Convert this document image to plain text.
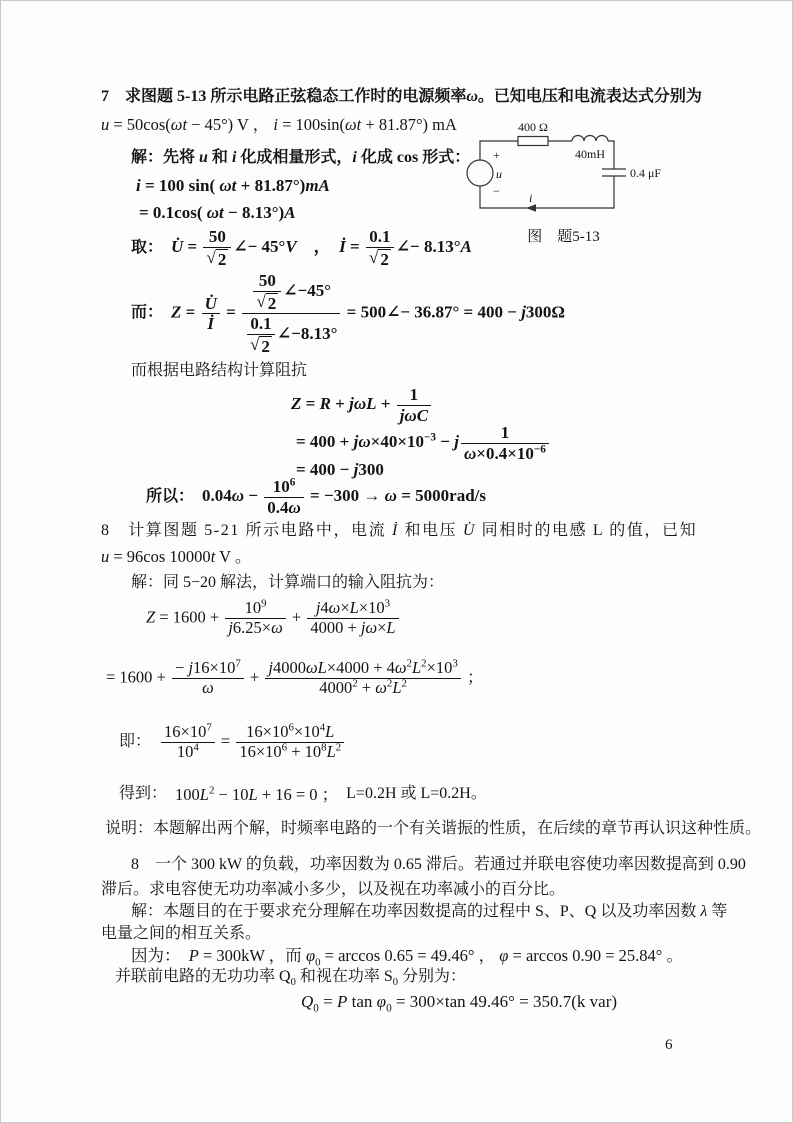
7　求图题 5-13 所示电路正弦稳态工作时的电源频率ω。已知电压和电流表达式分别为
u = 50cos(ωt − 45°) V ， i = 100sin(ωt + 81.87°) mA
解：先将 u 和 i 化成相量形式，i 化成 cos 形式：
i = 100 sin( ωt + 81.87°)mA
= 0.1cos( ωt − 8.13°)A
400 Ω
40mH
0.4 μF
+
u
− i
图　题5-13
取： U̇ = $\frac{50}{√ 2}$ ∠− 45°V　，　İ = $\frac{0.1}{√ 2}$ ∠− 8.13°A
而： $Z = \frac{U̇}{İ} = \frac{\frac{50}{√ 2} \angle-45^\circ}{\frac{0.1}{√ 2} \angle-8.13^\circ}$ = 500∠− 36.87° = 400 − j300Ω
而根据电路结构计算阻抗
$Z = R + j\omega L + \frac{1}{\text{jωC}}$
= $400 + j\omega\times 40\times 10^{-3} - j \frac{1}{\omega\times 0.4\times 10^{-6}}$
= 400 − j300
所以： $0.04\omega - \frac{10^6}{0.4\omega} = -300 \to \omega = 5000rad/s$
8　计算图题 5-21 所示电路中，电流 İ 和电压 U̇ 同相时的电感 L 的值，已知
u = 96cos 10000t V 。
解：同 5−20 解法，计算端口的输入阻抗为：
$Z = 1600 + \frac{10^9}{j6.25\times\omega} + \frac{j4\omega\times L\times 10^3}{4000 + j\omega\times L}$
= $1600 + \frac{- j16\times 10^7}{\omega} + \frac{j4000\omega L\times 4000 + 4\omega^2L^2\times 10^3}{4000^2 + \omega^2L^2}$ ；
即： $\frac{16\times 10^7}{10^4} = \frac{16\times 10^6\times 10^4L}{16\times 10^6 + 10^8L^2}$
得到： $100L^2 - 10L + 16 = 0$ ； L=0.2H 或 L=0.2H。
说明：本题解出两个解，时频率电路的一个有关谐振的性质，在后续的章节再认识这种性质。
8　一个 300 kW 的负载，功率因数为 0.65 滞后。若通过并联电容使功率因数提高到 0.90
滞后。求电容使无功功率减小多少，以及视在功率减小的百分比。
解：本题目的在于要求充分理解在功率因数提高的过程中 S、P、Q 以及功率因数 λ 等
电量之间的相互关系。
因为：　P = 300kW ，而 $\varphi_0 = \arccos 0.65 = 49.46^\circ$ ， φ = arccos 0.90 = 25.84° 。
并联前电路的无功功率 $Q_0$ 和视在功率 $S_0$ 分别为：
$Q_0 = P$ $\tan \varphi_0 = 300\times\tan$ 49.46° = 350.7(k var)
6
